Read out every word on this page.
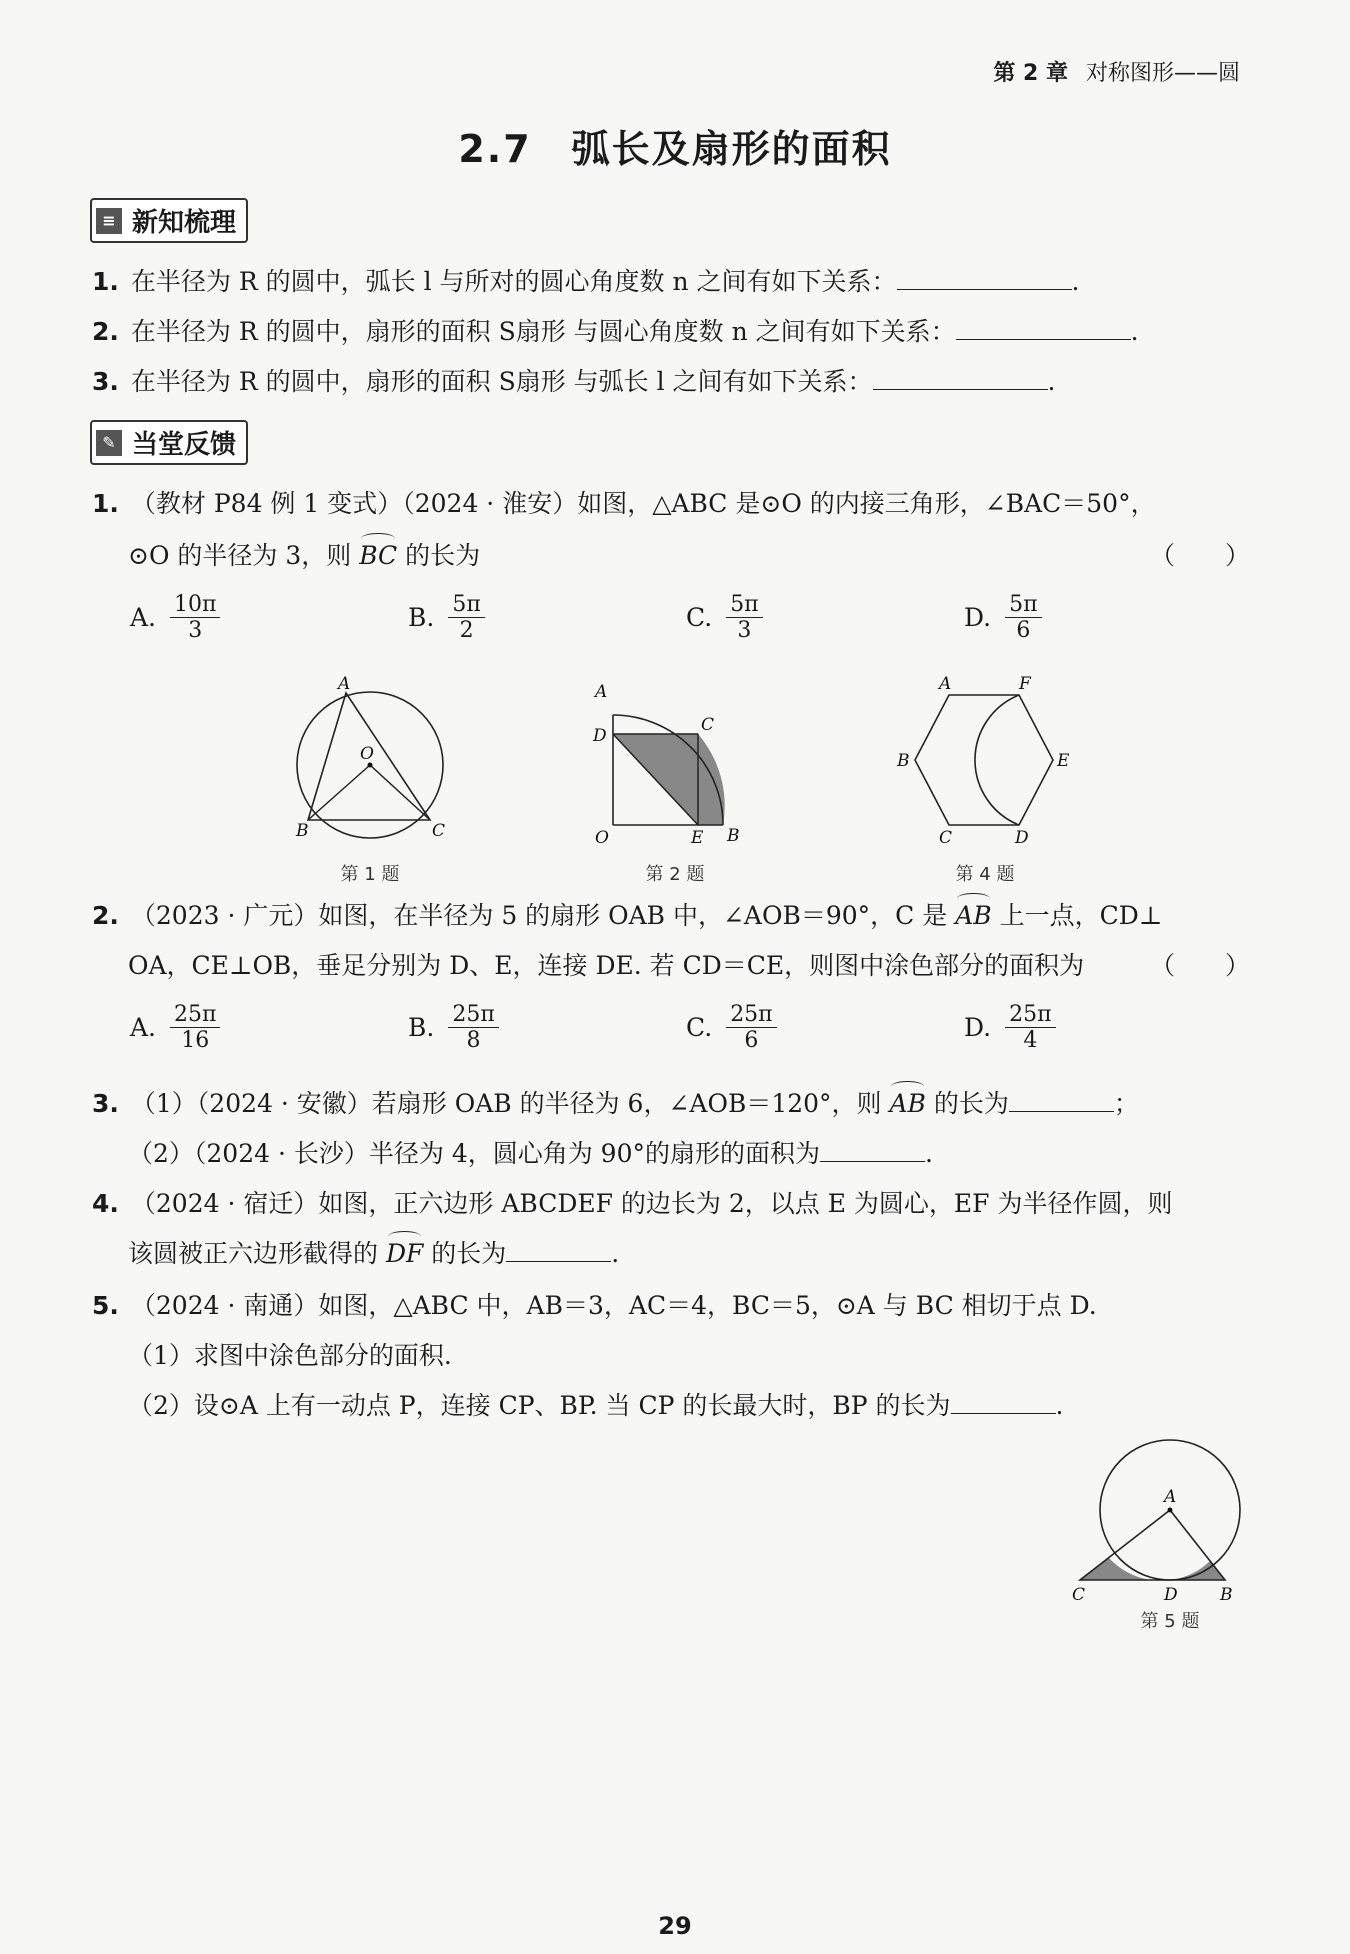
第 2 章 对称图形——圆
2.7 弧长及扇形的面积
≡ 新知梳理
1. 在半径为 R 的圆中，弧长 l 与所对的圆心角度数 n 之间有如下关系：	.
2. 在半径为 R 的圆中，扇形的面积 S扇形 与圆心角度数 n 之间有如下关系：	.
3. 在半径为 R 的圆中，扇形的面积 S扇形 与弧长 l 之间有如下关系：	.
✎ 当堂反馈
1. （教材 P84 例 1 变式）（2024 · 淮安）如图，△ABC 是⊙O 的内接三角形，∠BAC＝50°，
⊙O 的半径为 3，则 BC 的长为	（　　）
A. $\frac{10\pi}{3}$	B. $\frac{5\pi}{2}$	C. $\frac{5\pi}{3}$	D. $\frac{5\pi}{6}$
A
O
B	C
第 1 题
A
D
C
O	E B
第 2 题
A	F
B	E
C	D
第 4 题
2. （2023 · 广元）如图，在半径为 5 的扇形 OAB 中，∠AOB＝90°，C 是 AB 上一点，CD⊥
OA，CE⊥OB，垂足分别为 D、E，连接 DE. 若 CD＝CE，则图中涂色部分的面积为	（　　）
A. $\frac{25\pi}{16}$	B. $\frac{25\pi}{8}$	C. $\frac{25\pi}{6}$	D. $\frac{25\pi}{4}$
3. （1）（2024 · 安徽）若扇形 OAB 的半径为 6，∠AOB＝120°，则 AB 的长为	；
（2）（2024 · 长沙）半径为 4，圆心角为 90°的扇形的面积为	.
4. （2024 · 宿迁）如图，正六边形 ABCDEF 的边长为 2，以点 E 为圆心，EF 为半径作圆，则
该圆被正六边形截得的 DF 的长为	.
5. （2024 · 南通）如图，△ABC 中，AB＝3，AC＝4，BC＝5，⊙A 与 BC 相切于点 D.
（1）求图中涂色部分的面积.
（2）设⊙A 上有一动点 P，连接 CP、BP. 当 CP 的长最大时，BP 的长为	.
A
C	D B
第 5 题
29
